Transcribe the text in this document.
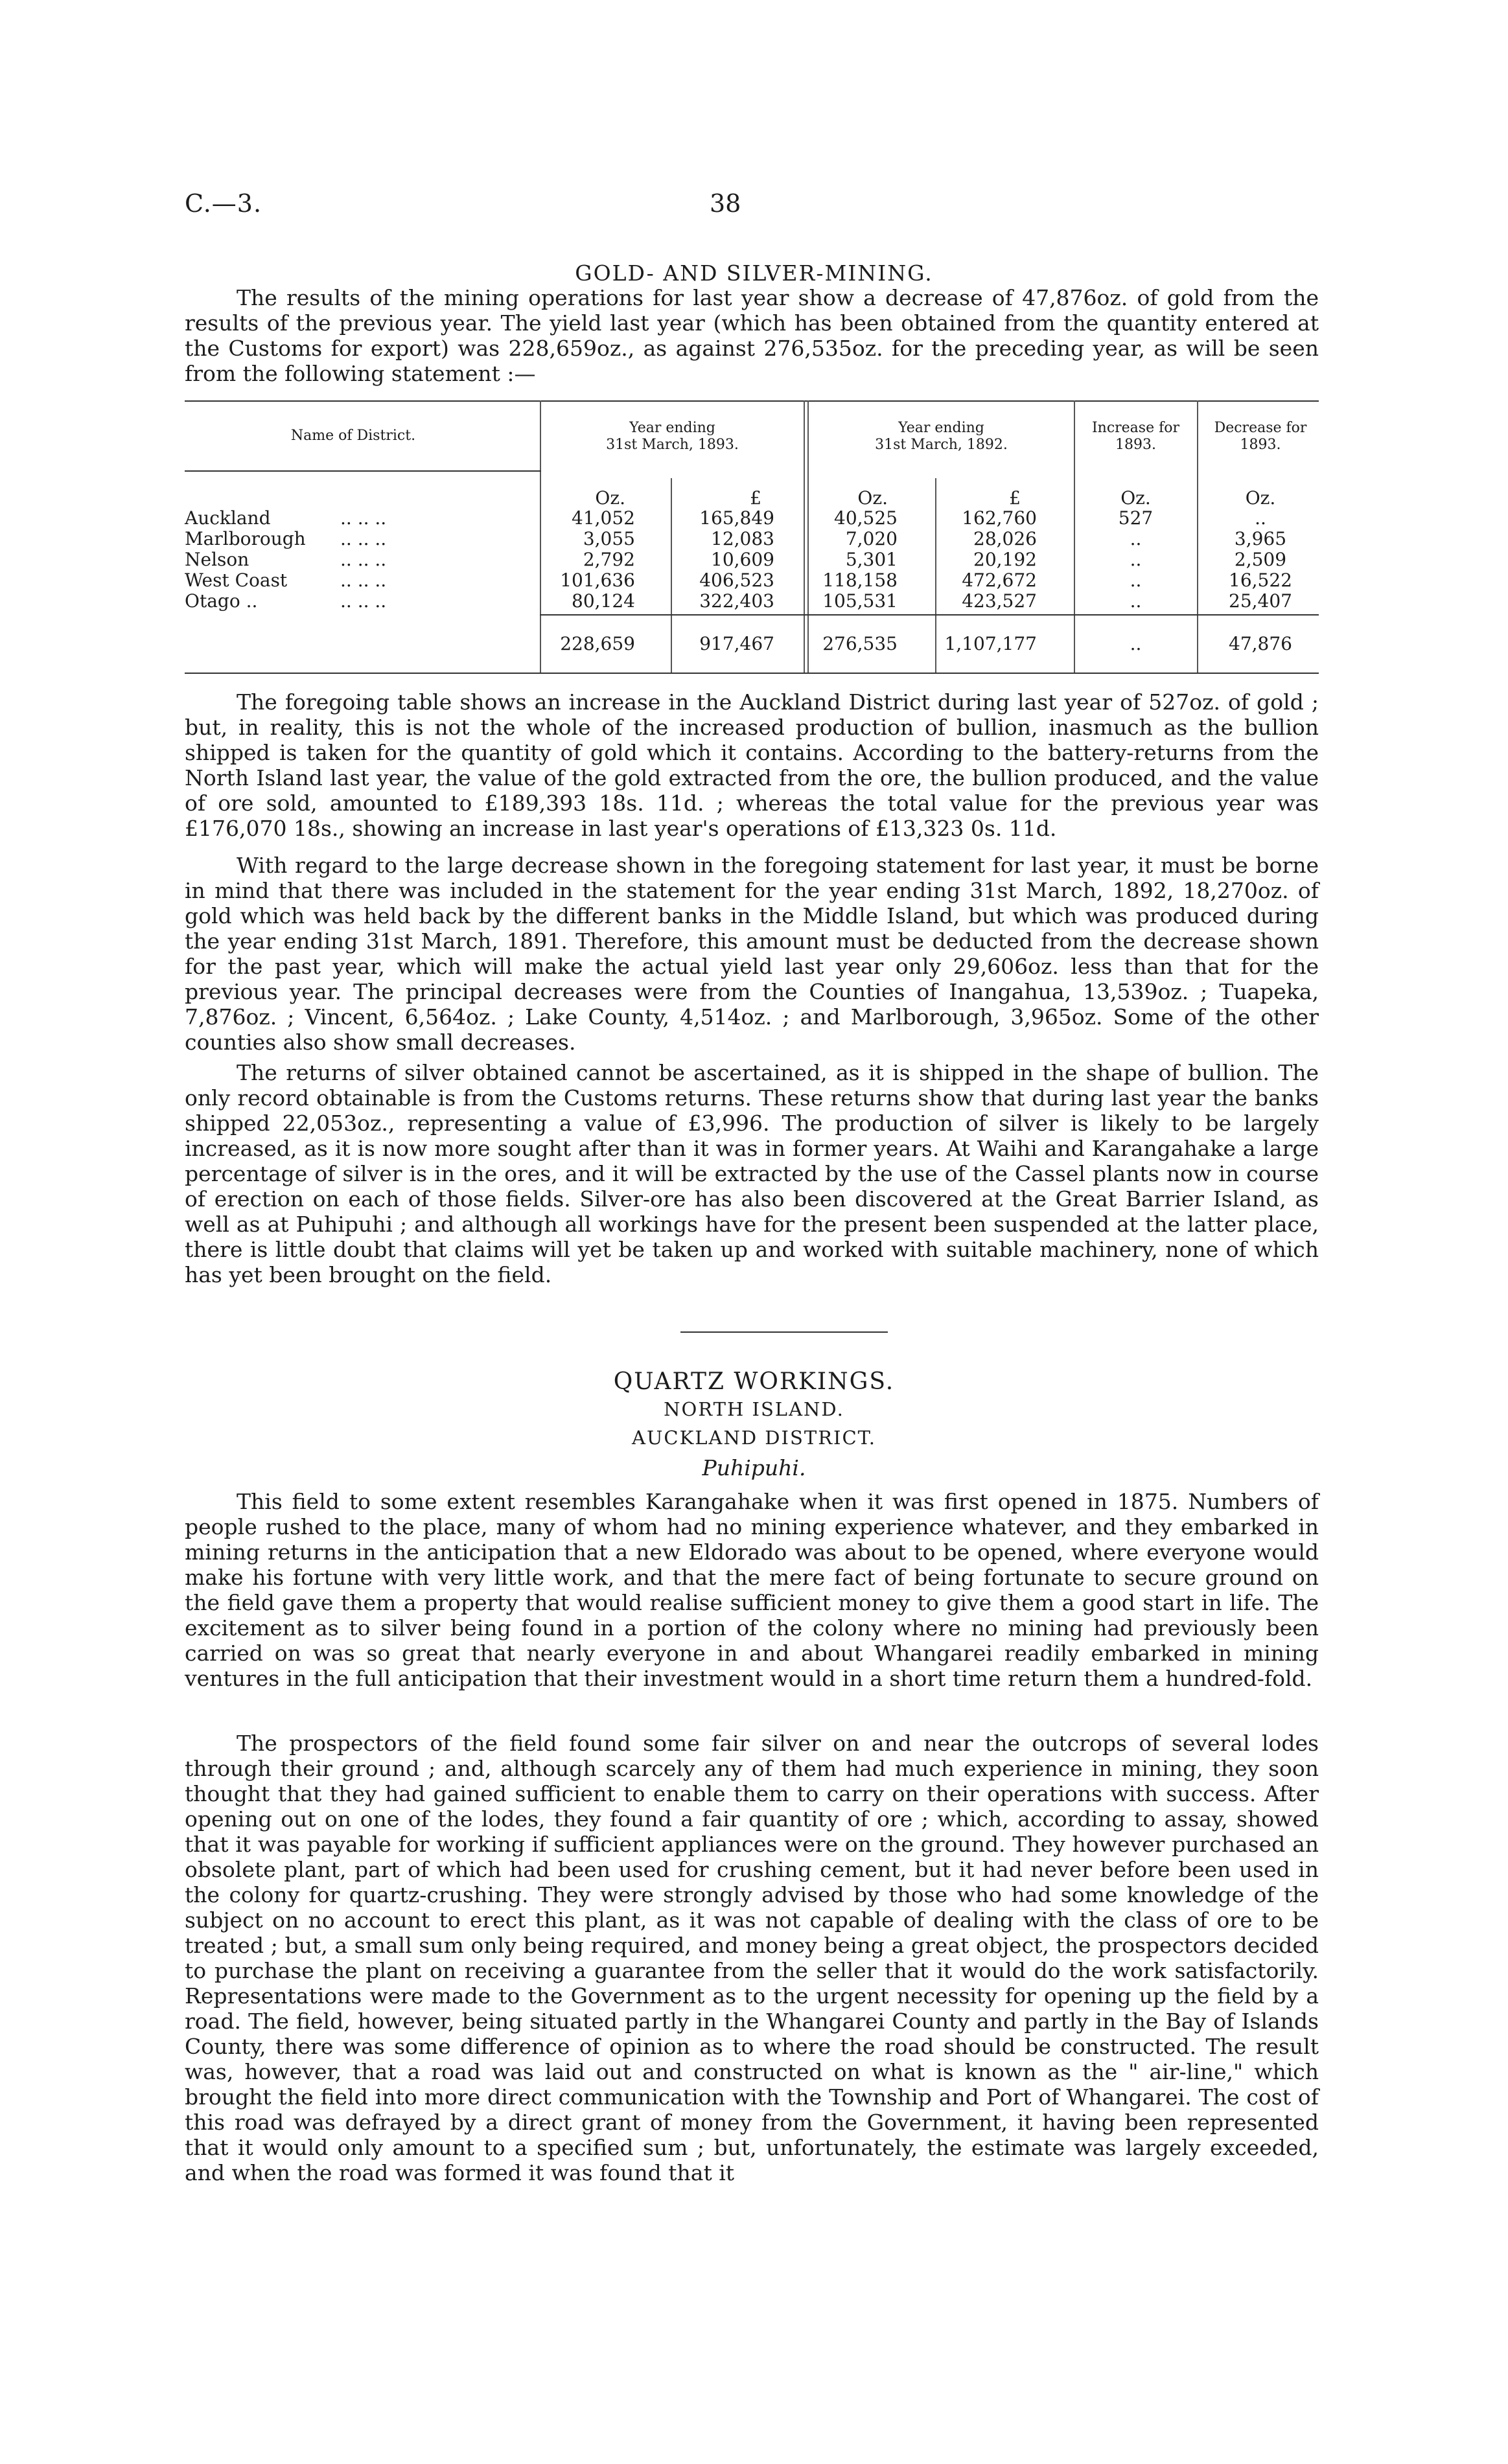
C.—3.	38
GOLD- AND SILVER-MINING.

The results of the mining operations for last year show a decrease of 47,876oz. of gold from the results of the previous year. The yield last year (which has been obtained from the quantity entered at the Customs for export) was 228,659oz., as against 276,535oz. for the preceding year, as will be seen from the following statement :—

Name of District.	Year ending
31st March, 1893.
Year ending
31st March, 1892.
Increase for
1893.
Decrease for
1893.
Oz.	£	Oz.	£	Oz.	Oz.
Auckland	.. .. ..	41,052	165,849	40,525	162,760	527	..
Marlborough .. .. ..	3,055	12,083	7,020	28,026	..	3,965
Nelson	.. .. ..	2,792	10,609	5,301	20,192	..	2,509
West Coast	.. .. ..	101,636	406,523	118,158	472,672	..	16,522
Otago ..	.. .. ..	80,124	322,403	105,531	423,527	..	25,407
228,659	917,467	276,535	1,107,177	..	47,876

The foregoing table shows an increase in the Auckland District during last year of 527oz. of gold ; but, in reality, this is not the whole of the increased production of bullion, inasmuch as the bullion shipped is taken for the quantity of gold which it contains. According to the battery-returns from the North Island last year, the value of the gold extracted from the ore, the bullion produced, and the value of ore sold, amounted to £189,393 18s. 11d. ; whereas the total value for the previous year was £176,070 18s., showing an increase in last year's operations of £13,323 0s. 11d.

With regard to the large decrease shown in the foregoing statement for last year, it must be borne in mind that there was included in the statement for the year ending 31st March, 1892, 18,270oz. of gold which was held back by the different banks in the Middle Island, but which was produced during the year ending 31st March, 1891. Therefore, this amount must be deducted from the decrease shown for the past year, which will make the actual yield last year only 29,606oz. less than that for the previous year. The principal decreases were from the Counties of Inangahua, 13,539oz. ; Tuapeka, 7,876oz. ; Vincent, 6,564oz. ; Lake County, 4,514oz. ; and Marlborough, 3,965oz. Some of the other counties also show small decreases.

The returns of silver obtained cannot be ascertained, as it is shipped in the shape of bullion. The only record obtainable is from the Customs returns. These returns show that during last year the banks shipped 22,053oz., representing a value of £3,996. The production of silver is likely to be largely increased, as it is now more sought after than it was in former years. At Waihi and Karangahake a large percentage of silver is in the ores, and it will be extracted by the use of the Cassel plants now in course of erection on each of those fields. Silver-ore has also been discovered at the Great Barrier Island, as well as at Puhipuhi ; and although all workings have for the present been suspended at the latter place, there is little doubt that claims will yet be taken up and worked with suitable machinery, none of which has yet been brought on the field.

QUARTZ WORKINGS.
NORTH ISLAND.
AUCKLAND DISTRICT.
Puhipuhi.

This field to some extent resembles Karangahake when it was first opened in 1875. Numbers of people rushed to the place, many of whom had no mining experience whatever, and they embarked in mining returns in the anticipation that a new Eldorado was about to be opened, where everyone would make his fortune with very little work, and that the mere fact of being fortunate to secure ground on the field gave them a property that would realise sufficient money to give them a good start in life. The excitement as to silver being found in a portion of the colony where no mining had previously been carried on was so great that nearly everyone in and about Whangarei readily embarked in mining ventures in the full anticipation that their investment would in a short time return them a hundred-fold.

The prospectors of the field found some fair silver on and near the outcrops of several lodes through their ground ; and, although scarcely any of them had much experience in mining, they soon thought that they had gained sufficient to enable them to carry on their operations with success. After opening out on one of the lodes, they found a fair quantity of ore ; which, according to assay, showed that it was payable for working if sufficient appliances were on the ground. They however purchased an obsolete plant, part of which had been used for crushing cement, but it had never before been used in the colony for quartz-crushing. They were strongly advised by those who had some knowledge of the subject on no account to erect this plant, as it was not capable of dealing with the class of ore to be treated ; but, a small sum only being required, and money being a great object, the prospectors decided to purchase the plant on receiving a guarantee from the seller that it would do the work satisfactorily. Representations were made to the Government as to the urgent necessity for opening up the field by a road. The field, however, being situated partly in the Whangarei County and partly in the Bay of Islands County, there was some difference of opinion as to where the road should be constructed. The result was, however, that a road was laid out and constructed on what is known as the " air-line," which brought the field into more direct communication with the Township and Port of Whangarei. The cost of this road was defrayed by a direct grant of money from the Government, it having been represented that it would only amount to a specified sum ; but, unfortunately, the estimate was largely exceeded, and when the road was formed it was found that it
